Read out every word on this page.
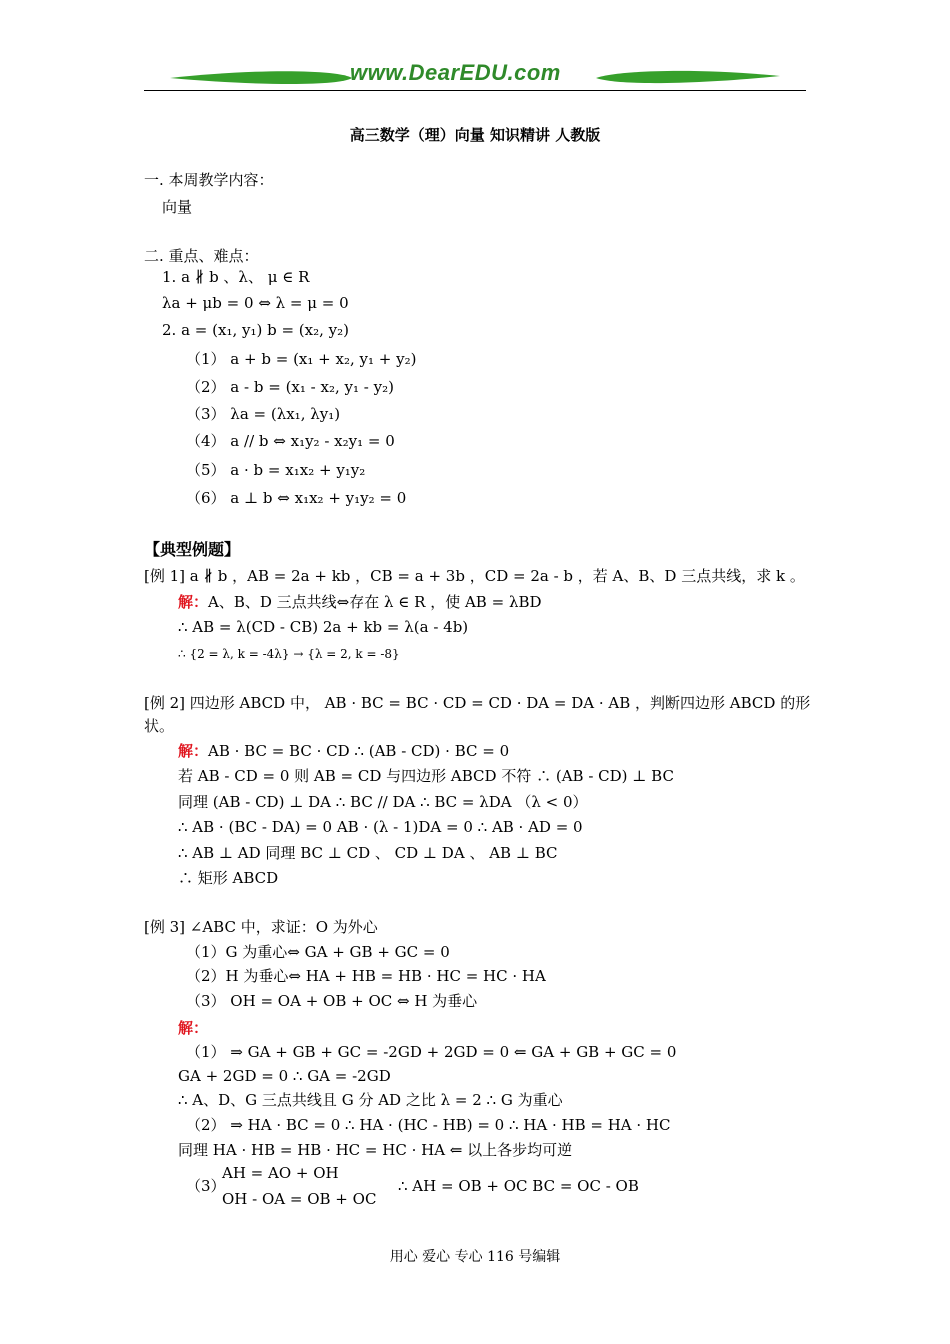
www.DearEDU.com
高三数学（理）向量 知识精讲 人教版
一. 本周教学内容：
向量
二. 重点、难点：
1. a ∦ b 、λ、 μ ∈ R
λa + μb = 0 ⇔ λ = μ = 0
2. a = (x₁, y₁) b = (x₂, y₂)
（1） a + b = (x₁ + x₂, y₁ + y₂)
（2） a - b = (x₁ - x₂, y₁ - y₂)
（3） λa = (λx₁, λy₁)
（4） a // b ⇔ x₁y₂ - x₂y₁ = 0
（5） a · b = x₁x₂ + y₁y₂
（6） a ⊥ b ⇔ x₁x₂ + y₁y₂ = 0
【典型例题】
[例 1] a ∦ b ，AB = 2a + kb ，CB = a + 3b ，CD = 2a - b ，若 A、B、D 三点共线，求 k 。
解：A、B、D 三点共线⇔存在 λ ∈ R ，使 AB = λBD
∴ AB = λ(CD - CB) 2a + kb = λ(a - 4b)
∴ {2 = λ, k = -4λ} → {λ = 2, k = -8}
[例 2] 四边形 ABCD 中， AB · BC = BC · CD = CD · DA = DA · AB ，判断四边形 ABCD 的形
状。
解：AB · BC = BC · CD ∴ (AB - CD) · BC = 0
若 AB - CD = 0 则 AB = CD 与四边形 ABCD 不符 ∴ (AB - CD) ⊥ BC
同理 (AB - CD) ⊥ DA ∴ BC // DA ∴ BC = λDA （λ < 0）
∴ AB · (BC - DA) = 0 AB · (λ - 1)DA = 0 ∴ AB · AD = 0
∴ AB ⊥ AD 同理 BC ⊥ CD 、 CD ⊥ DA 、 AB ⊥ BC
∴ 矩形 ABCD
[例 3] ∠ABC 中，求证：O 为外心
（1）G 为重心⇔ GA + GB + GC = 0
（2）H 为垂心⇔ HA + HB = HB · HC = HC · HA
（3） OH = OA + OB + OC ⇔ H 为垂心
解：
（1） ⇒ GA + GB + GC = -2GD + 2GD = 0 ⇐ GA + GB + GC = 0
GA + 2GD = 0 ∴ GA = -2GD
∴ A、D、G 三点共线且 G 分 AD 之比 λ = 2 ∴ G 为重心
（2） ⇒ HA · BC = 0 ∴ HA · (HC - HB) = 0 ∴ HA · HB = HA · HC
同理 HA · HB = HB · HC = HC · HA ⇐ 以上各步均可逆
（3）
AH = AO + OH
OH - OA = OB + OC
∴ AH = OB + OC BC = OC - OB
用心 爱心 专心 116 号编辑
